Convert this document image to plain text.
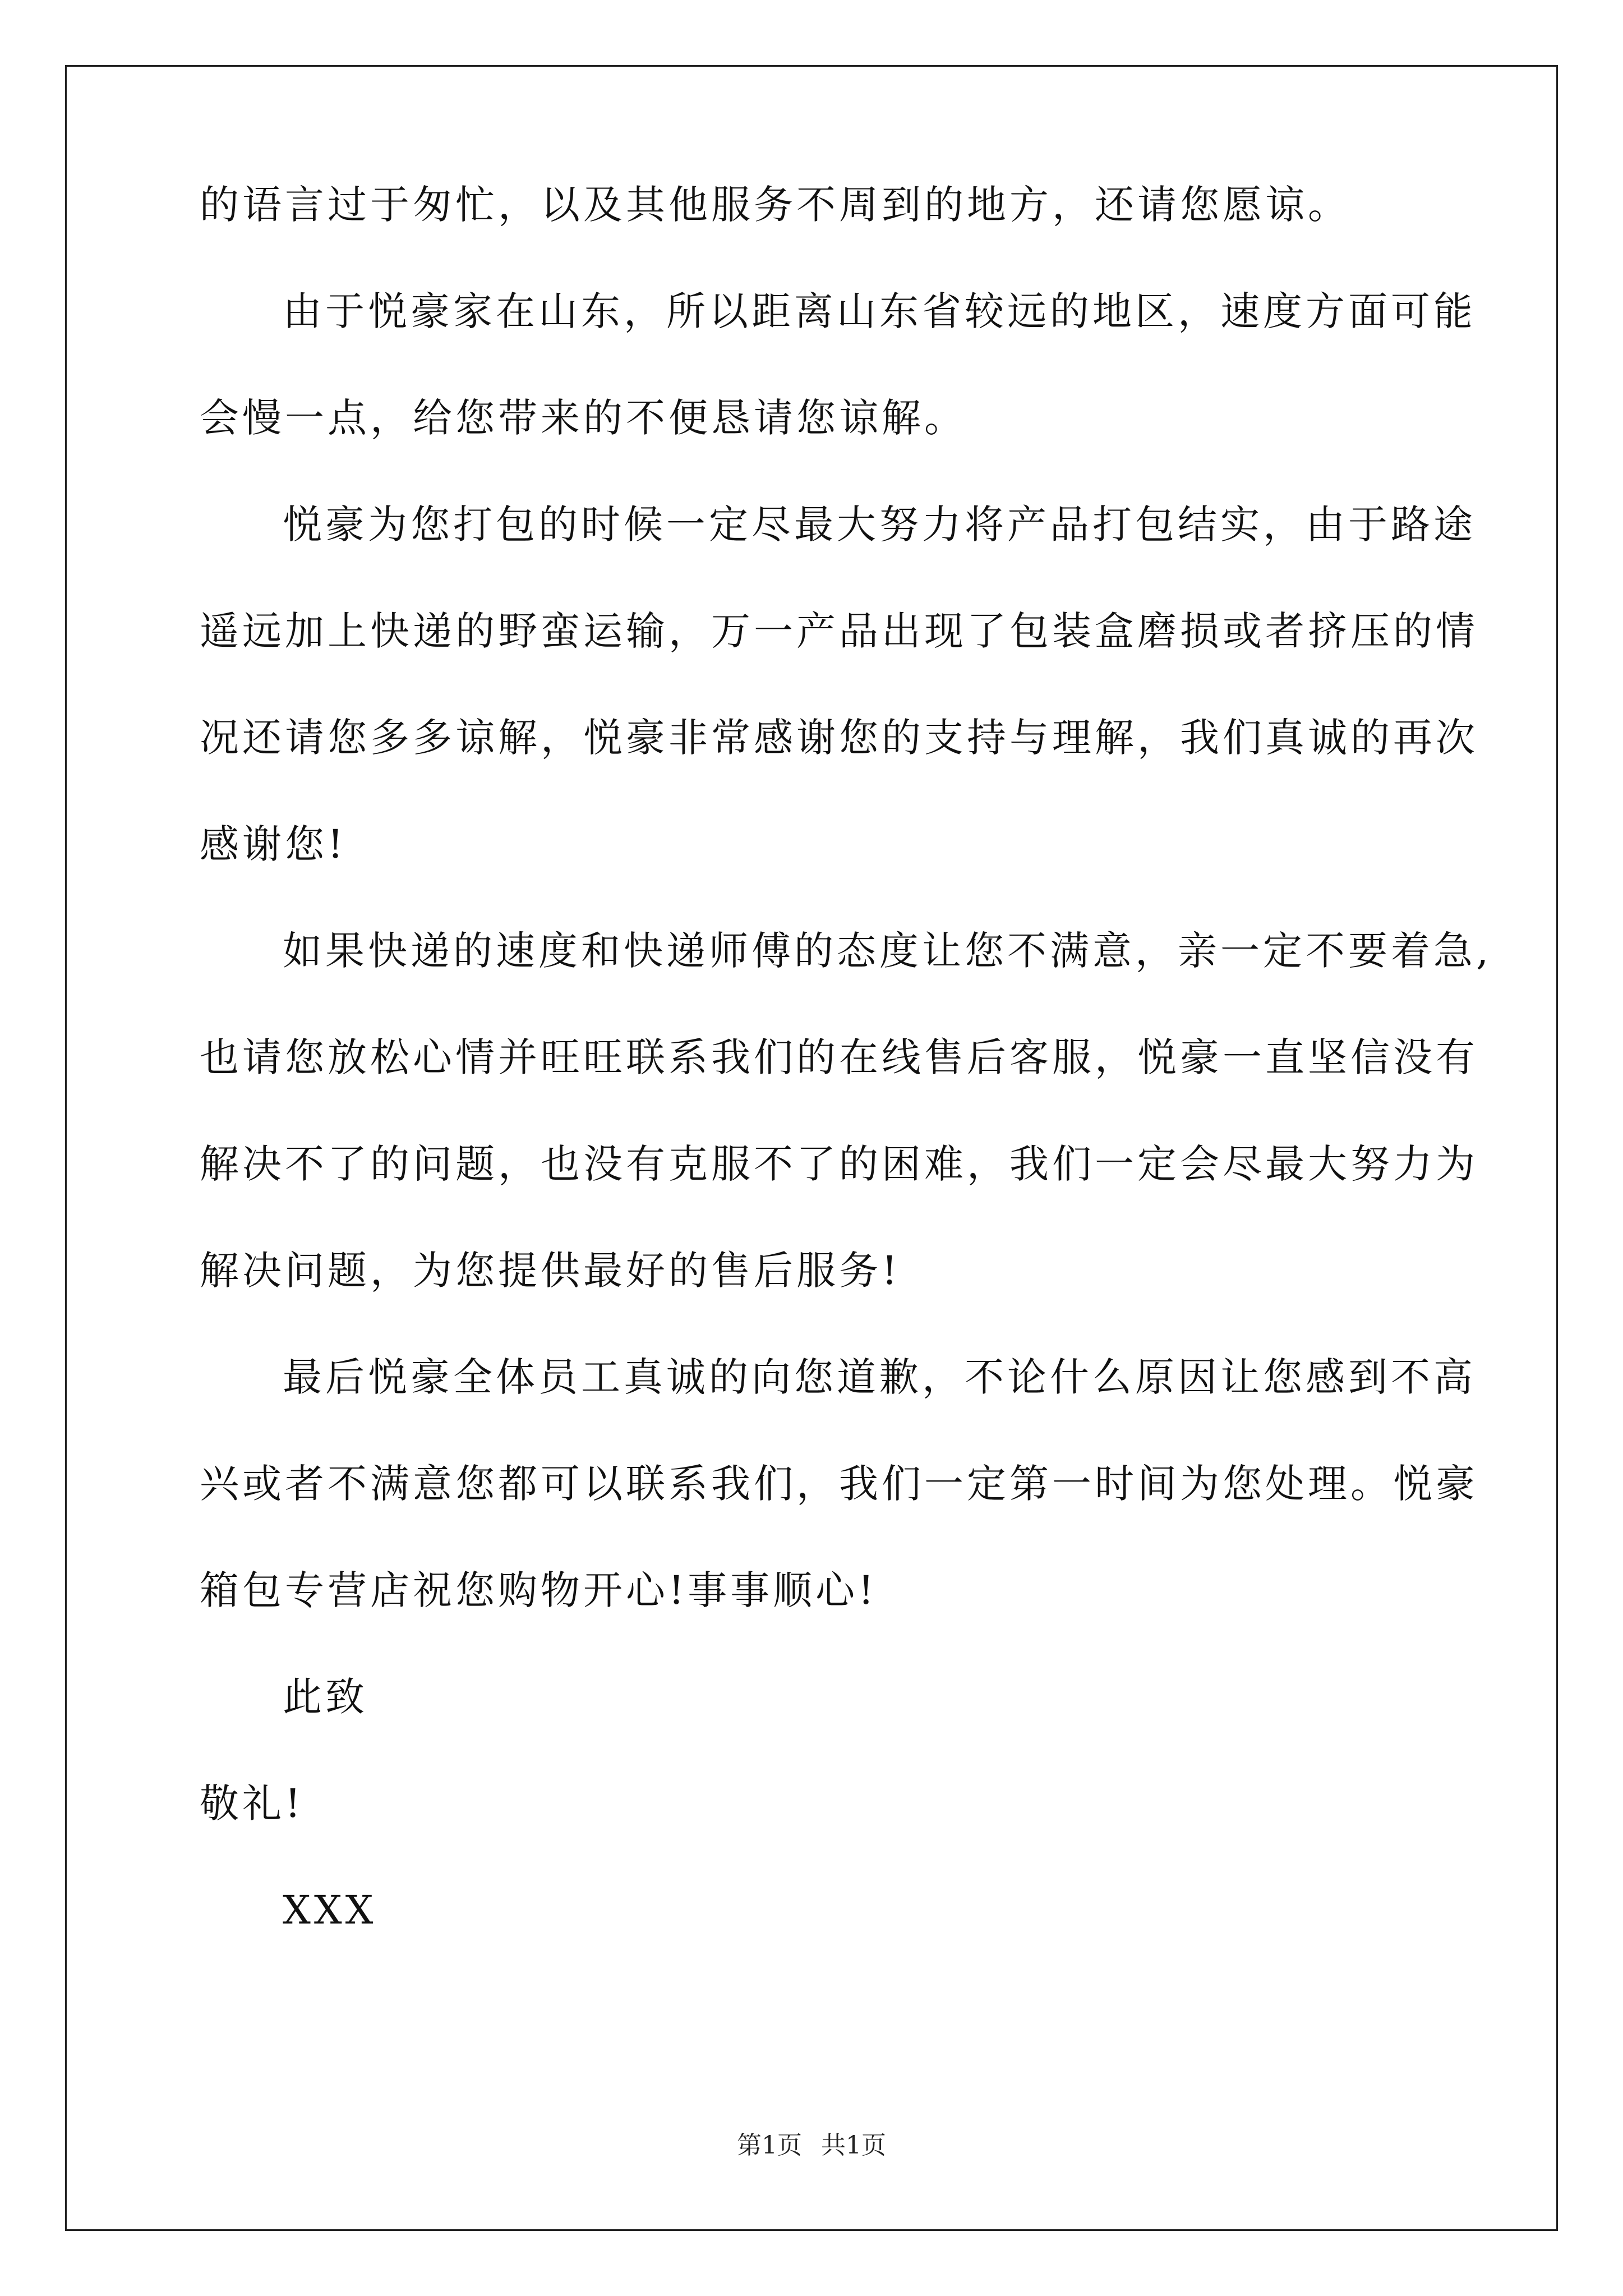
的语言过于匆忙，以及其他服务不周到的地方，还请您愿谅。
由于悦豪家在山东，所以距离山东省较远的地区，速度方面可能
会慢一点，给您带来的不便恳请您谅解。
悦豪为您打包的时候一定尽最大努力将产品打包结实，由于路途
遥远加上快递的野蛮运输，万一产品出现了包装盒磨损或者挤压的情
况还请您多多谅解，悦豪非常感谢您的支持与理解，我们真诚的再次
感谢您!
如果快递的速度和快递师傅的态度让您不满意，亲一定不要着急,
也请您放松心情并旺旺联系我们的在线售后客服，悦豪一直坚信没有
解决不了的问题，也没有克服不了的困难，我们一定会尽最大努力为
解决问题，为您提供最好的售后服务!
最后悦豪全体员工真诚的向您道歉，不论什么原因让您感到不高
兴或者不满意您都可以联系我们，我们一定第一时间为您处理。悦豪
箱包专营店祝您购物开心!事事顺心!
此致
敬礼!
XXX
第1页 共1页
